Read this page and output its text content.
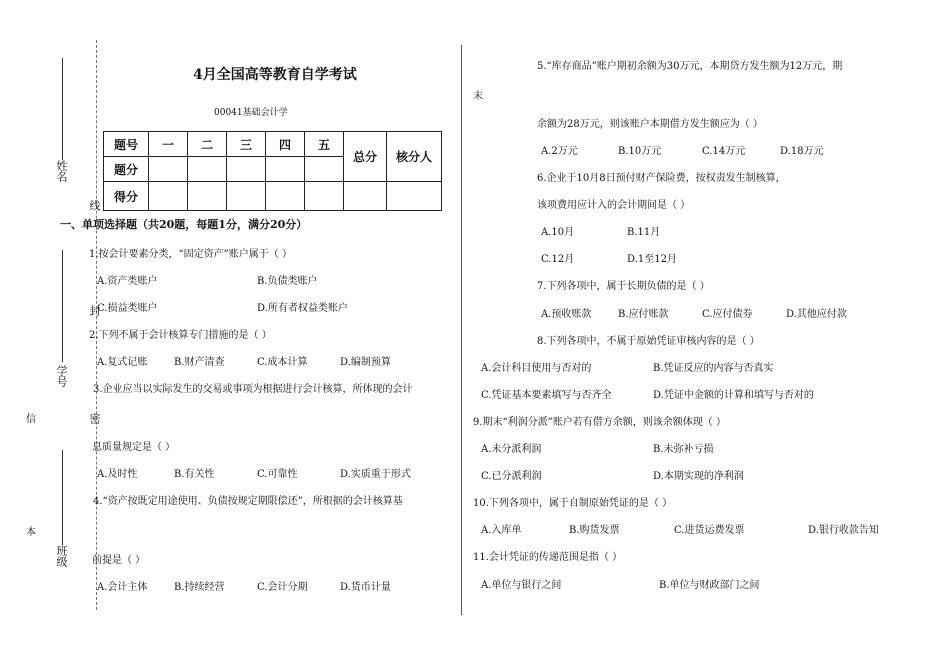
姓名
学号
班级
线
封
密
信
本
4月全国高等教育自学考试
00041基础会计学
题号	一	二	三	四	五	总分	核分人
题分							
得分							
一、单项选择题（共20题，每题1分，满分20分）
1.按会计要素分类，“固定资产”账户属于（ ）
A.资产类账户	B.负债类账户
C.损益类账户	D.所有者权益类账户
2.下列不属于会计核算专门措施的是（ ）
A.复式记账	B.财产清查	C.成本计算	D.编制预算
3.企业应当以实际发生的交易或事项为根据进行会计核算，所体现的会计
息质量规定是（ ）
A.及时性	B.有关性	C.可靠性	D.实质重于形式
4.“资产按既定用途使用、负债按规定期限偿还”，所根据的会计核算基
前提是（ ）
A.会计主体	B.持续经营	C.会计分期	D.货币计量
5.“库存商品”账户期初余额为30万元，本期贷方发生额为12万元，期
末
余额为28万元，则该账户本期借方发生额应为（ ）
A.2万元	B.10万元	C.14万元	D.18万元
6.企业于10月8日预付财产保险费，按权责发生制核算，
该项费用应计入的会计期间是（ ）
A.10月	B.11月
C.12月	D.1至12月
7.下列各项中，属于长期负债的是（ ）
A.预收账款	B.应付账款	C.应付债券	D.其他应付款
8.下列各项中，不属于原始凭证审核内容的是（ ）
A.会计科目使用与否对的	B.凭证反应的内容与否真实
C.凭证基本要素填写与否齐全	D.凭证中金额的计算和填写与否对的
9.期末“利润分派”账户若有借方余额，则该余额体现（ ）
A.未分派利润	B.未弥补亏损
C.已分派利润	D.本期实现的净利润
10.下列各项中，属于自制原始凭证的是（ ）
A.入库单	B.购货发票	C.进货运费发票	D.银行收款告知
11.会计凭证的传递范围是指（ ）
A.单位与银行之间	B.单位与财政部门之间
